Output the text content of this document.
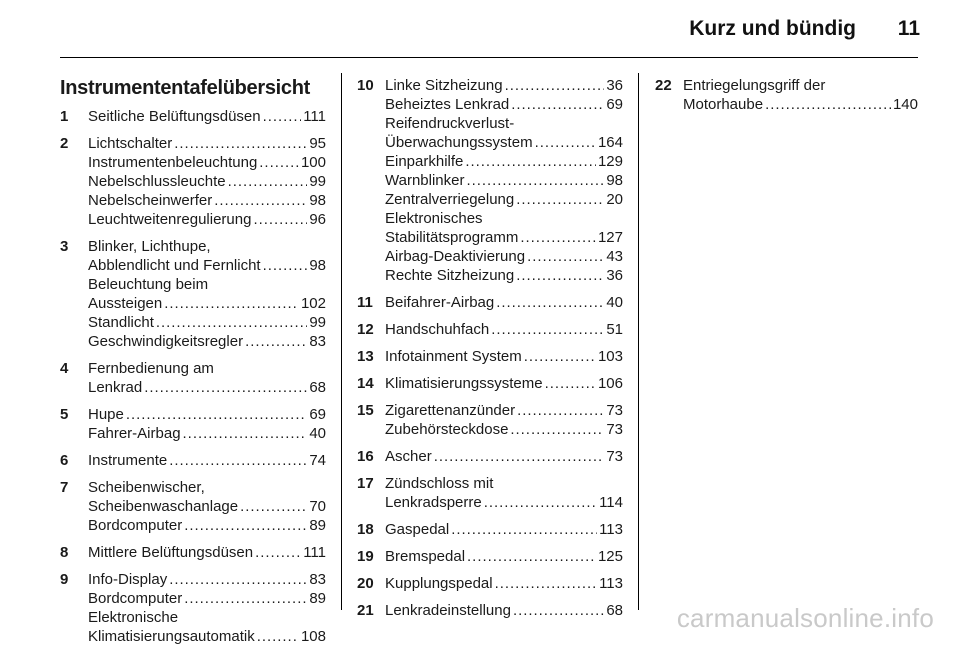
Kurz und bündig 11
Instrumententafelübersicht
1	Seitliche Belüftungsdüsen . . .	111
2	Lichtschalter . . .	95
Instrumentenbeleuchtung . . .	100
Nebelschlussleuchte . . .	99
Nebelscheinwerfer . . .	98
Leuchtweitenregulierung . . .	96
3	Blinker, Lichthupe,
Abblendlicht und Fernlicht . . .	98
Beleuchtung beim
Aussteigen . . .	102
Standlicht . . .	99
Geschwindigkeitsregler . . .	83
4	Fernbedienung am
Lenkrad . . .	68
5	Hupe . . .	69
Fahrer-Airbag . . .	40
6	Instrumente . . .	74
7	Scheibenwischer,
Scheibenwaschanlage . . .	70
Bordcomputer . . .	89
8	Mittlere Belüftungsdüsen . . .	111
9	Info-Display . . .	83
Bordcomputer . . .	89
Elektronische
Klimatisierungsautomatik . . .	108
10 Linke Sitzheizung . . .	36
Beheiztes Lenkrad . . .	69
Reifendruckverlust-
Überwachungssystem . . .	164
Einparkhilfe . . .	129
Warnblinker . . .	98
Zentralverriegelung . . .	20
Elektronisches
Stabilitätsprogramm . . .	127
Airbag-Deaktivierung . . .	43
Rechte Sitzheizung . . .	36
11 Beifahrer-Airbag . . .	40
12 Handschuhfach . . .	51
13 Infotainment System . . .	103
14 Klimatisierungssysteme . . .	106
15 Zigarettenanzünder . . .	73
Zubehörsteckdose . . .	73
16 Ascher . . .	73
17 Zündschloss mit
Lenkradsperre . . .	114
18 Gaspedal . . .	113
19 Bremspedal . . .	125
20 Kupplungspedal . . .	113
21 Lenkradeinstellung . . .	68
22 Entriegelungsgriff der
Motorhaube . . .	140
carmanualsonline.info
